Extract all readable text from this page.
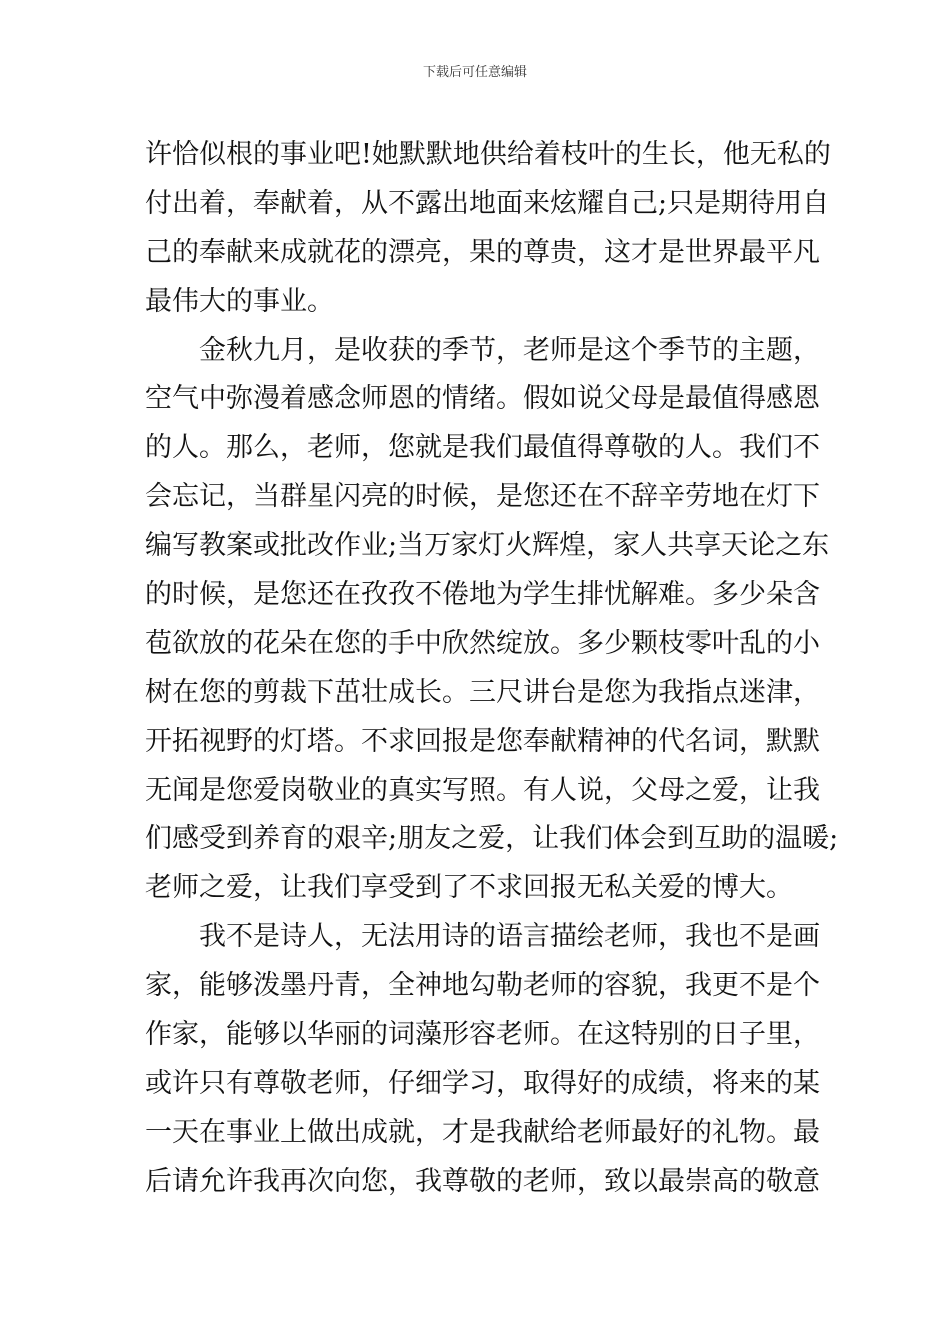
下载后可任意编辑
许恰似根的事业吧!她默默地供给着枝叶的生长，他无私的
付出着，奉献着，从不露出地面来炫耀自己;只是期待用自
己的奉献来成就花的漂亮，果的尊贵，这才是世界最平凡
最伟大的事业。
金秋九月，是收获的季节，老师是这个季节的主题，
空气中弥漫着感念师恩的情绪。假如说父母是最值得感恩
的人。那么，老师，您就是我们最值得尊敬的人。我们不
会忘记，当群星闪亮的时候，是您还在不辞辛劳地在灯下
编写教案或批改作业;当万家灯火辉煌，家人共享天论之东
的时候，是您还在孜孜不倦地为学生排忧解难。多少朵含
苞欲放的花朵在您的手中欣然绽放。多少颗枝零叶乱的小
树在您的剪裁下茁壮成长。三尺讲台是您为我指点迷津，
开拓视野的灯塔。不求回报是您奉献精神的代名词，默默
无闻是您爱岗敬业的真实写照。有人说，父母之爱，让我
们感受到养育的艰辛;朋友之爱，让我们体会到互助的温暖;
老师之爱，让我们享受到了不求回报无私关爱的博大。
我不是诗人，无法用诗的语言描绘老师，我也不是画
家，能够泼墨丹青，全神地勾勒老师的容貌，我更不是个
作家，能够以华丽的词藻形容老师。在这特别的日子里，
或许只有尊敬老师，仔细学习，取得好的成绩，将来的某
一天在事业上做出成就，才是我献给老师最好的礼物。最
后请允许我再次向您，我尊敬的老师，致以最崇高的敬意
